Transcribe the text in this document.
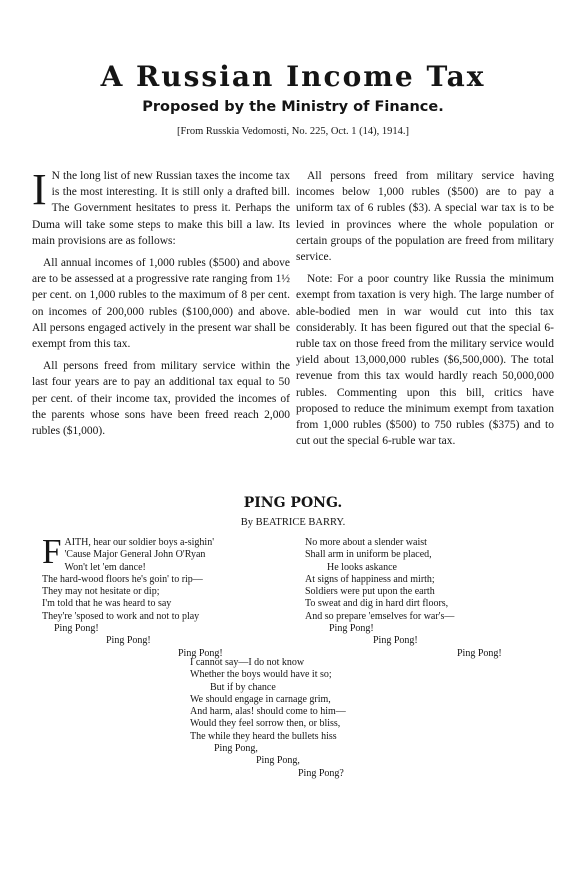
A Russian Income Tax
Proposed by the Ministry of Finance.

[From Russkia Vedomosti, No. 225, Oct. 1 (14), 1914.]

I N the long list of new Russian taxes the income tax is the most interesting. It is still only a drafted bill. The Government hesitates to press it. Perhaps the Duma will take some steps to make this bill a law. Its main provisions are as follows:

All annual incomes of 1,000 rubles ($500) and above are to be assessed at a progressive rate ranging from 1½ per cent. on 1,000 rubles to the maximum of 8 per cent. on incomes of 200,000 rubles ($100,000) and above. All persons engaged actively in the present war shall be exempt from this tax.

All persons freed from military service within the last four years are to pay an additional tax equal to 50 per cent. of their income tax, provided the incomes of the parents whose sons have been freed reach 2,000 rubles ($1,000).

All persons freed from military service having incomes below 1,000 rubles ($500) are to pay a uniform tax of 6 rubles ($3). A special war tax is to be levied in provinces where the whole population or certain groups of the population are freed from military service.

Note: For a poor country like Russia the minimum exempt from taxation is very high. The large number of able-bodied men in war would cut into this tax considerably. It has been figured out that the special 6-ruble tax on those freed from the military service would yield about 13,000,000 rubles ($6,500,000). The total revenue from this tax would hardly reach 50,000,000 rubles. Commenting upon this bill, critics have proposed to reduce the minimum exempt from taxation from 1,000 rubles ($500) to 750 rubles ($375) and to cut out the special 6-ruble war tax.

PING PONG.

By BEATRICE BARRY.

F AITH, hear our soldier boys a-sighin'
'Cause Major General John O'Ryan
Won't let 'em dance!
The hard-wood floors he's goin' to rip—
They may not hesitate or dip;
I'm told that he was heard to say
They're 'sposed to work and not to play
Ping Pong!
Ping Pong!
Ping Pong!
No more about a slender waist
Shall arm in uniform be placed,
He looks askance
At signs of happiness and mirth;
Soldiers were put upon the earth
To sweat and dig in hard dirt floors,
And so prepare 'emselves for war's—
Ping Pong!
Ping Pong!
Ping Pong!
I cannot say—I do not know
Whether the boys would have it so;
But if by chance
We should engage in carnage grim,
And harm, alas! should come to him—
Would they feel sorrow then, or bliss,
The while they heard the bullets hiss
Ping Pong,
Ping Pong,
Ping Pong?
